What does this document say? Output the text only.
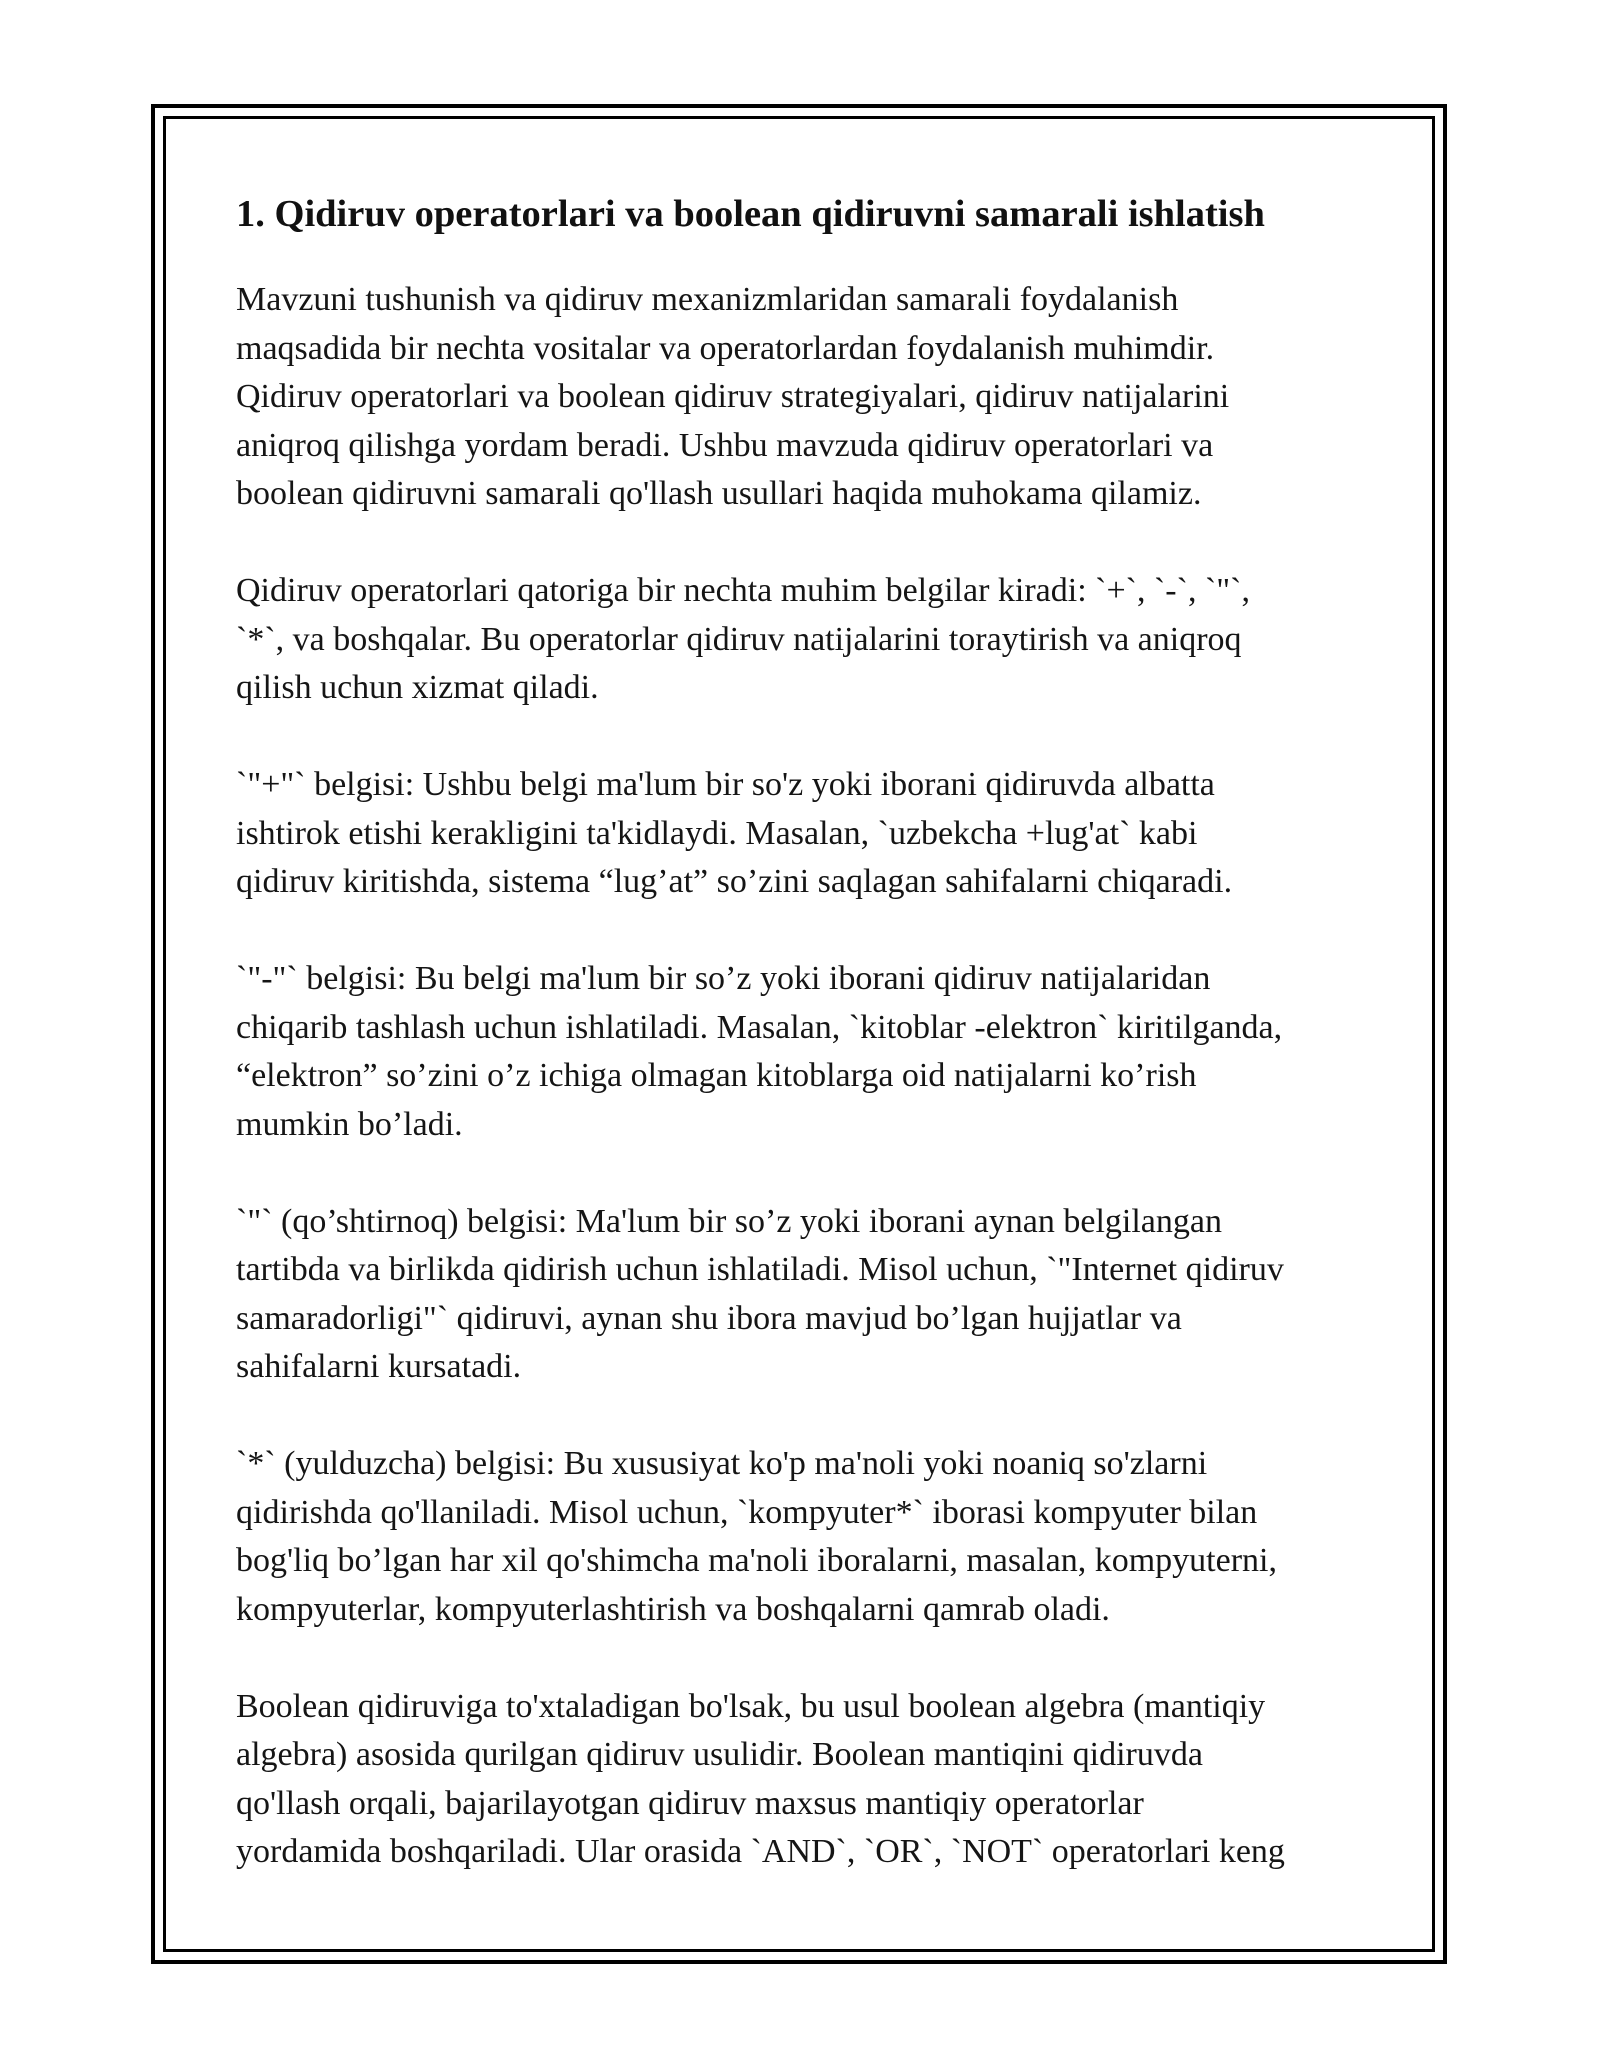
1. Qidiruv operatorlari va boolean qidiruvni samarali ishlatish

Mavzuni tushunish va qidiruv mexanizmlaridan samarali foydalanish
maqsadida bir nechta vositalar va operatorlardan foydalanish muhimdir.
Qidiruv operatorlari va boolean qidiruv strategiyalari, qidiruv natijalarini
aniqroq qilishga yordam beradi. Ushbu mavzuda qidiruv operatorlari va
boolean qidiruvni samarali qo'llash usullari haqida muhokama qilamiz.

Qidiruv operatorlari qatoriga bir nechta muhim belgilar kiradi: `+`, `-`, `"`,
`*`, va boshqalar. Bu operatorlar qidiruv natijalarini toraytirish va aniqroq
qilish uchun xizmat qiladi.

`"+"` belgisi: Ushbu belgi ma'lum bir so'z yoki iborani qidiruvda albatta
ishtirok etishi kerakligini ta'kidlaydi. Masalan, `uzbekcha +lug'at` kabi
qidiruv kiritishda, sistema “lug’at” so’zini saqlagan sahifalarni chiqaradi.

`"-"` belgisi: Bu belgi ma'lum bir so’z yoki iborani qidiruv natijalaridan
chiqarib tashlash uchun ishlatiladi. Masalan, `kitoblar -elektron` kiritilganda,
“elektron” so’zini o’z ichiga olmagan kitoblarga oid natijalarni ko’rish
mumkin bo’ladi.

`"` (qo’shtirnoq) belgisi: Ma'lum bir so’z yoki iborani aynan belgilangan
tartibda va birlikda qidirish uchun ishlatiladi. Misol uchun, `"Internet qidiruv
samaradorligi"` qidiruvi, aynan shu ibora mavjud bo’lgan hujjatlar va
sahifalarni kursatadi.

`*` (yulduzcha) belgisi: Bu xususiyat ko'p ma'noli yoki noaniq so'zlarni
qidirishda qo'llaniladi. Misol uchun, `kompyuter*` iborasi kompyuter bilan
bog'liq bo’lgan har xil qo'shimcha ma'noli iboralarni, masalan, kompyuterni,
kompyuterlar, kompyuterlashtirish va boshqalarni qamrab oladi.

Boolean qidiruviga to'xtaladigan bo'lsak, bu usul boolean algebra (mantiqiy
algebra) asosida qurilgan qidiruv usulidir. Boolean mantiqini qidiruvda
qo'llash orqali, bajarilayotgan qidiruv maxsus mantiqiy operatorlar
yordamida boshqariladi. Ular orasida `AND`, `OR`, `NOT` operatorlari keng
